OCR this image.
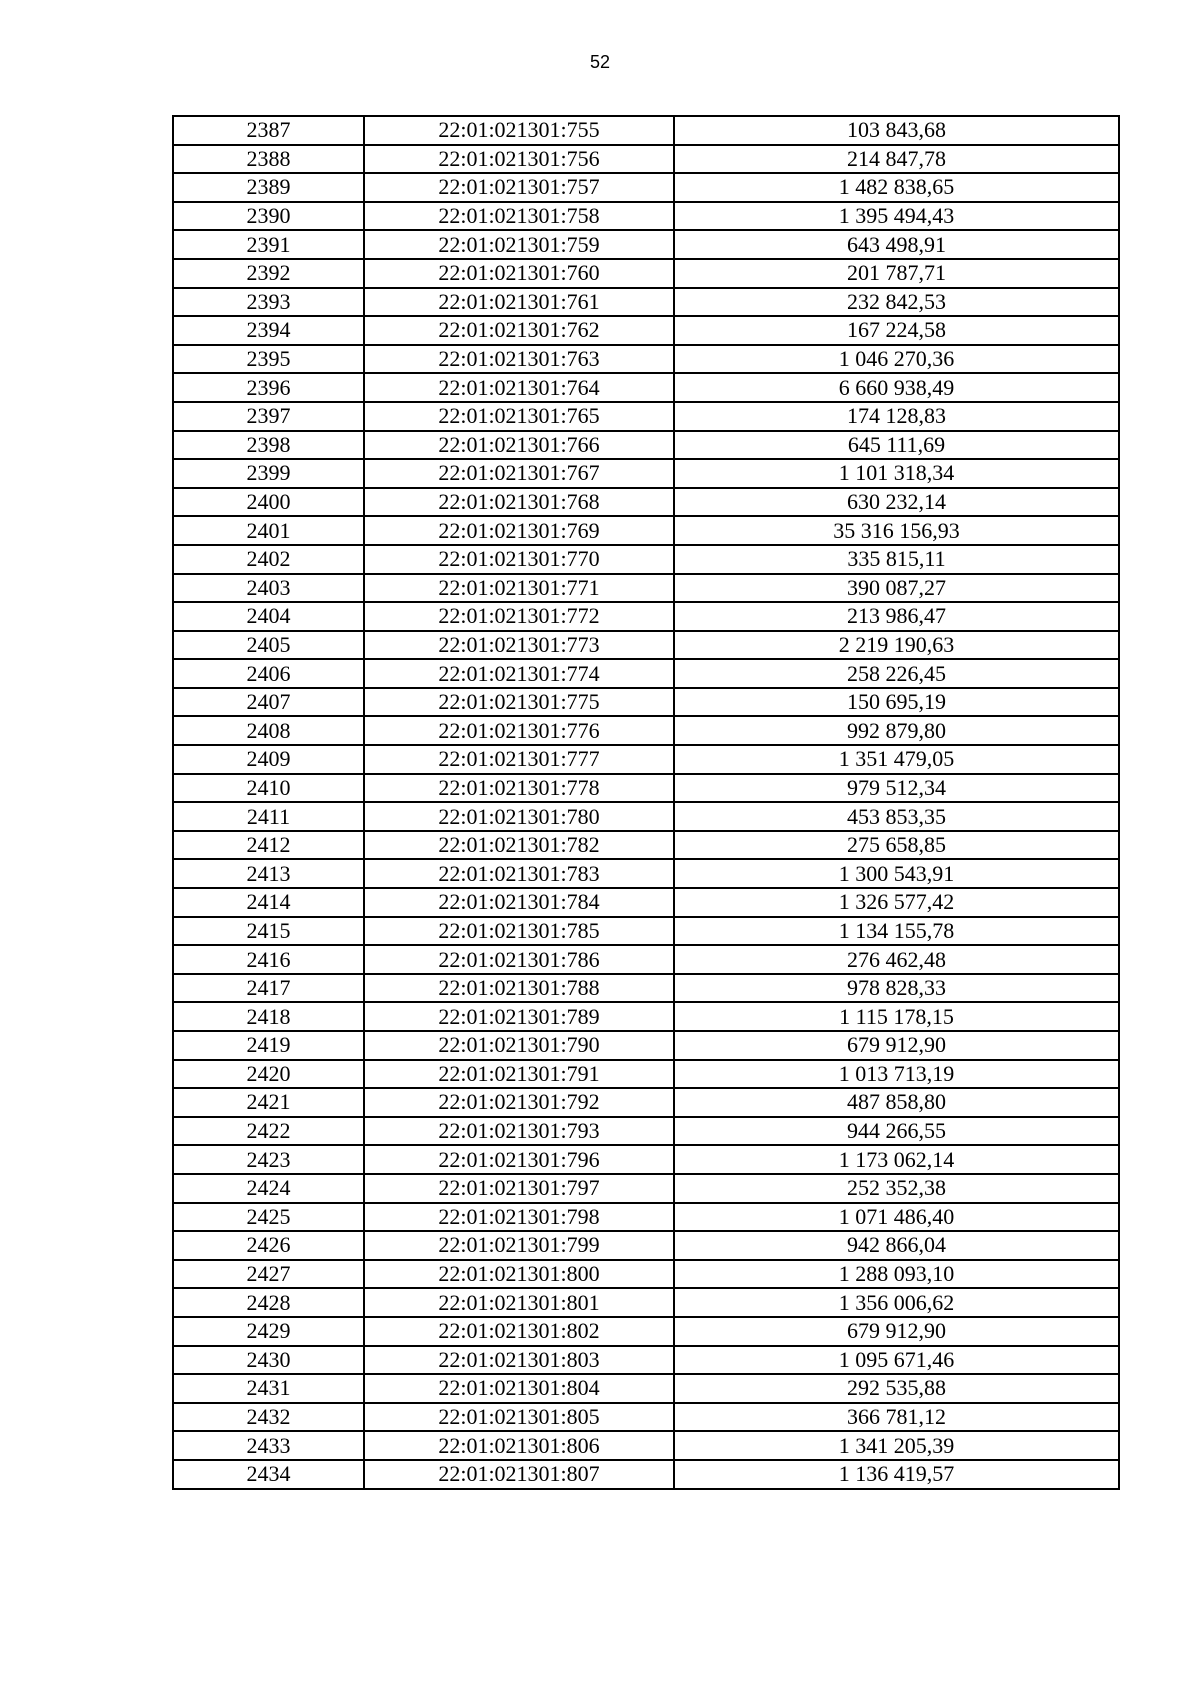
52
2387	22:01:021301:755	103 843,68
2388	22:01:021301:756	214 847,78
2389	22:01:021301:757	1 482 838,65
2390	22:01:021301:758	1 395 494,43
2391	22:01:021301:759	643 498,91
2392	22:01:021301:760	201 787,71
2393	22:01:021301:761	232 842,53
2394	22:01:021301:762	167 224,58
2395	22:01:021301:763	1 046 270,36
2396	22:01:021301:764	6 660 938,49
2397	22:01:021301:765	174 128,83
2398	22:01:021301:766	645 111,69
2399	22:01:021301:767	1 101 318,34
2400	22:01:021301:768	630 232,14
2401	22:01:021301:769	35 316 156,93
2402	22:01:021301:770	335 815,11
2403	22:01:021301:771	390 087,27
2404	22:01:021301:772	213 986,47
2405	22:01:021301:773	2 219 190,63
2406	22:01:021301:774	258 226,45
2407	22:01:021301:775	150 695,19
2408	22:01:021301:776	992 879,80
2409	22:01:021301:777	1 351 479,05
2410	22:01:021301:778	979 512,34
2411	22:01:021301:780	453 853,35
2412	22:01:021301:782	275 658,85
2413	22:01:021301:783	1 300 543,91
2414	22:01:021301:784	1 326 577,42
2415	22:01:021301:785	1 134 155,78
2416	22:01:021301:786	276 462,48
2417	22:01:021301:788	978 828,33
2418	22:01:021301:789	1 115 178,15
2419	22:01:021301:790	679 912,90
2420	22:01:021301:791	1 013 713,19
2421	22:01:021301:792	487 858,80
2422	22:01:021301:793	944 266,55
2423	22:01:021301:796	1 173 062,14
2424	22:01:021301:797	252 352,38
2425	22:01:021301:798	1 071 486,40
2426	22:01:021301:799	942 866,04
2427	22:01:021301:800	1 288 093,10
2428	22:01:021301:801	1 356 006,62
2429	22:01:021301:802	679 912,90
2430	22:01:021301:803	1 095 671,46
2431	22:01:021301:804	292 535,88
2432	22:01:021301:805	366 781,12
2433	22:01:021301:806	1 341 205,39
2434	22:01:021301:807	1 136 419,57
